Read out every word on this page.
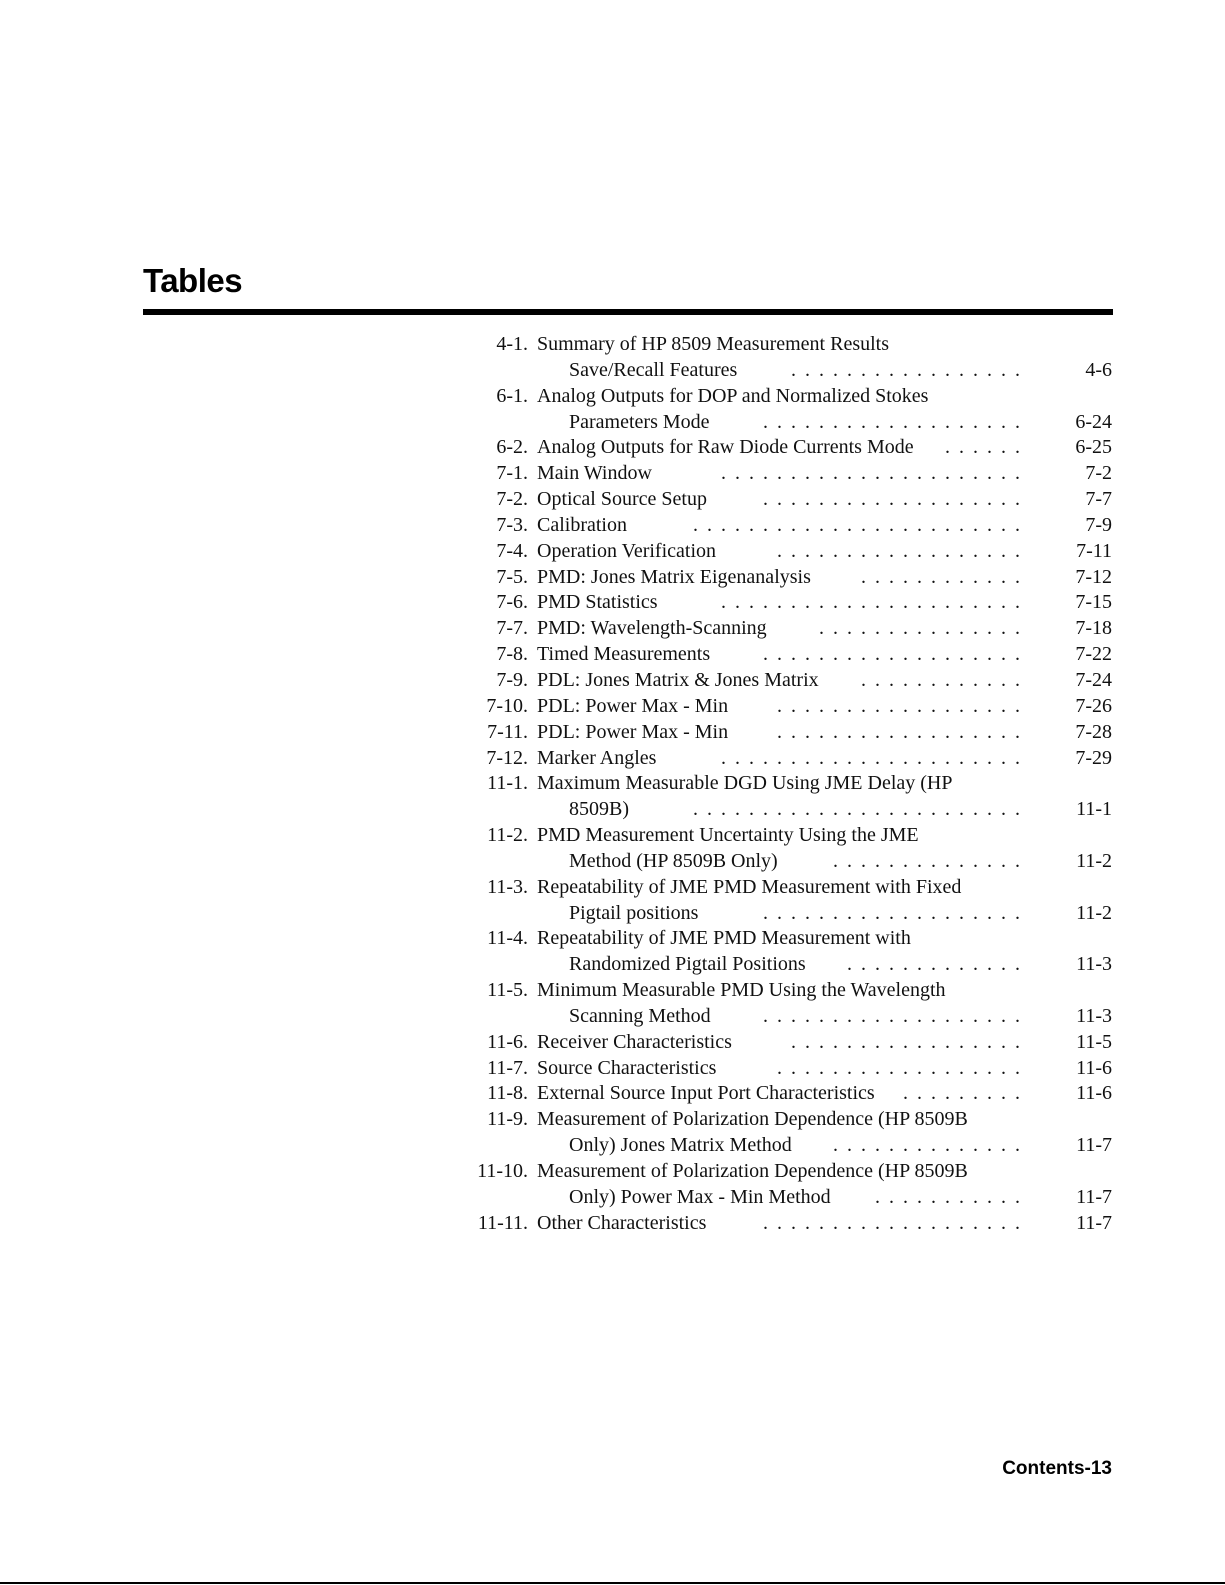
Tables
4-1. Summary of HP 8509 Measurement Results
Save/Recall Features	. . . . . . . . . . . . . . . . .	4-6
6-1. Analog Outputs for DOP and Normalized Stokes
Parameters Mode	. . . . . . . . . . . . . . . . . . .	6-24
6-2. Analog Outputs for Raw Diode Currents Mode . . . . . .	6-25
7-1. Main Window	. . . . . . . . . . . . . . . . . . . . . .	7-2
7-2. Optical Source Setup	. . . . . . . . . . . . . . . . . . .	7-7
7-3. Calibration	. . . . . . . . . . . . . . . . . . . . . . . .	7-9
7-4. Operation Verification	. . . . . . . . . . . . . . . . . .	7-11
7-5. PMD: Jones Matrix Eigenanalysis	. . . . . . . . . . . .	7-12
7-6. PMD Statistics	. . . . . . . . . . . . . . . . . . . . . .	7-15
7-7. PMD: Wavelength-Scanning	. . . . . . . . . . . . . . .	7-18
7-8. Timed Measurements	. . . . . . . . . . . . . . . . . . .	7-22
7-9. PDL: Jones Matrix & Jones Matrix . . . . . . . . . . . .	7-24
7-10. PDL: Power Max - Min . . . . . . . . . . . . . . . . . .	7-26
7-11. PDL: Power Max - Min . . . . . . . . . . . . . . . . . .	7-28
7-12. Marker Angles	. . . . . . . . . . . . . . . . . . . . . .	7-29
11-1. Maximum Measurable DGD Using JME Delay (HP
8509B)	. . . . . . . . . . . . . . . . . . . . . . . .	11-1
11-2. PMD Measurement Uncertainty Using the JME
Method (HP 8509B Only)	. . . . . . . . . . . . . .	11-2
11-3. Repeatability of JME PMD Measurement with Fixed
Pigtail positions	. . . . . . . . . . . . . . . . . . .	11-2
11-4. Repeatability of JME PMD Measurement with
Randomized Pigtail Positions . . . . . . . . . . . . .	11-3
11-5. Minimum Measurable PMD Using the Wavelength
Scanning Method	. . . . . . . . . . . . . . . . . . .	11-3
11-6. Receiver Characteristics	. . . . . . . . . . . . . . . . .	11-5
11-7. Source Characteristics	. . . . . . . . . . . . . . . . . .	11-6
11-8. External Source Input Port Characteristics . . . . . . . . .	11-6
11-9. Measurement of Polarization Dependence (HP 8509B
Only) Jones Matrix Method . . . . . . . . . . . . . .	11-7
11-10. Measurement of Polarization Dependence (HP 8509B
Only) Power Max - Min Method . . . . . . . . . . .	11-7
11-11. Other Characteristics	. . . . . . . . . . . . . . . . . . .	11-7
Contents-13
